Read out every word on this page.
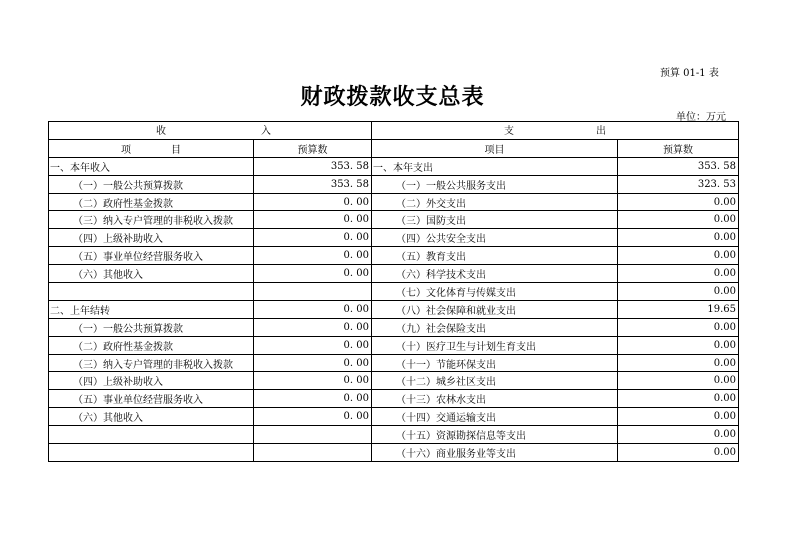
预算 01-1 表
财政拨款收支总表
单位：万元
收 入		支 出	

项 目	预算数	项目	预算数
一、本年收入	353. 58	一、本年支出	353. 58
（一）一般公共预算拨款	353. 58	（一）一般公共服务支出	323. 53
（二）政府性基金拨款	0. 00	（二）外交支出	0.00
（三）纳入专户管理的非税收入拨款	0. 00	（三）国防支出	0.00
（四）上级补助收入	0. 00	（四）公共安全支出	0.00
（五）事业单位经营服务收入	0. 00	（五）教育支出	0.00
（六）其他收入	0. 00	（六）科学技术支出	0.00
		（七）文化体育与传媒支出	0.00
二、上年结转	0. 00	（八）社会保障和就业支出	19.65
（一）一般公共预算拨款	0. 00	（九）社会保险支出	0.00
（二）政府性基金拨款	0. 00	（十）医疗卫生与计划生育支出	0.00
（三）纳入专户管理的非税收入拨款	0. 00	（十一）节能环保支出	0.00
（四）上级补助收入	0. 00	（十二）城乡社区支出	0.00
（五）事业单位经营服务收入	0. 00	（十三）农林水支出	0.00
（六）其他收入	0. 00	（十四）交通运输支出	0.00
		（十五）资源勘探信息等支出	0.00
		（十六）商业服务业等支出	0.00
